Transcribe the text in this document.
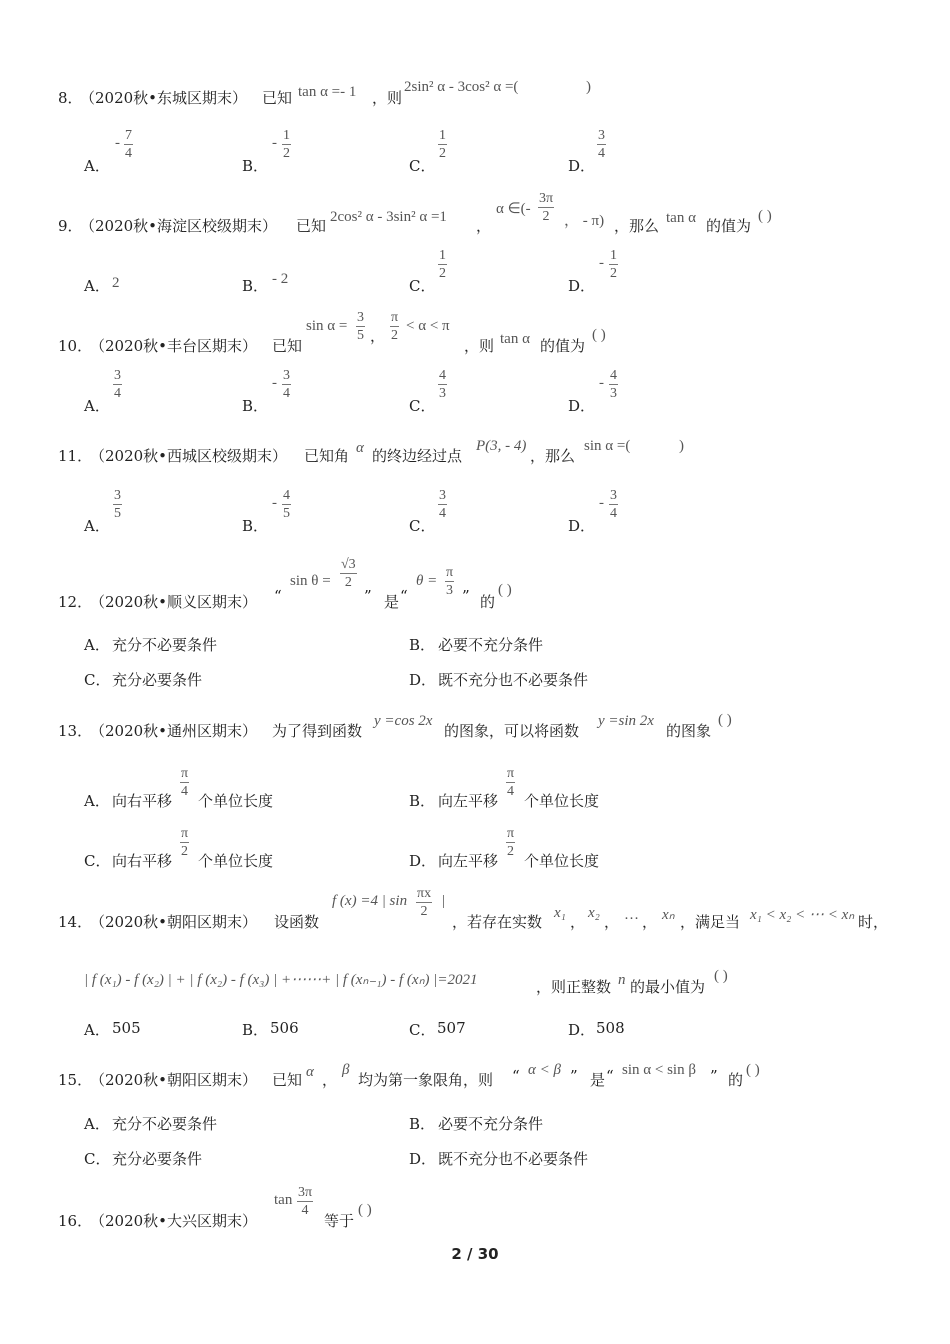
8．
（2020秋•东城区期末） 已知 tan α =- 1 ，则
2sin² α - 3cos² α =(	)
A．
- $\frac{7}{4}$
B．
- $\frac{1}{2}$
C．
$\frac{1}{2}$
D．
$\frac{3}{4}$
9．
（2020秋•海淀区校级期末） 已知 2cos² α - 3sin² α =1 ，
α ∈(- $\frac{3\pi}{2}$ ， - π) ，那么 tan α 的值为
( )
A． 2	B． - 2	C．
$\frac{1}{2}$
D．
- $\frac{1}{2}$
10．
（2020秋•丰台区期末） 已知
$\sin \alpha = \frac{3}{5}$ ， $\frac{\pi}{2} < \alpha < \pi$
，则 tan α 的值为
( )
A．
$\frac{3}{4}$
B．
- $\frac{3}{4}$
C．
$\frac{4}{3}$
D．
- $\frac{4}{3}$
11．
（2020秋•西城区校级期末） 已知角 α 的终边经过点
P(3, - 4)
，那么
sin α =(	)
A．
$\frac{3}{5}$
B．
- $\frac{4}{5}$
C．
$\frac{3}{4}$
D．
- $\frac{3}{4}$
12．
（2020秋•顺义区期末） “
$\sin \theta = \frac{√3}{2}$
” 是 “
$\theta = \frac{\pi}{3}$ ” 的
( )
A． 充分不必要条件	B． 必要不充分条件
C． 充分必要条件	D． 既不充分也不必要条件
13．
（2020秋•通州区期末） 为了得到函数
y =cos 2x
的图象，可以将函数
y =sin 2x
的图象
( )
A． 向右平移
$\frac{\pi}{4}$
个单位长度	B． 向左平移
$\frac{\pi}{4}$
个单位长度
C． 向右平移
$\frac{\pi}{2}$
个单位长度	D． 向左平移
$\frac{\pi}{2}$
个单位长度
14．
（2020秋•朝阳区期末） 设函数
f (x) =4 | $\sin \frac{\pi x}{2}$ |
，若存在实数 x₁ ， x₂ ， … ， xₙ ，满足当 x₁ < x₂ < ⋯ < xₙ 时，
| f (x₁) - f (x₂) | + | f (x₂) - f (x₃) | +⋯⋯+ | f (xₙ₋₁) - f (xₙ) |=2021	，则正整数 n 的最小值为
( )
A． 505	B． 506	C． 507	D． 508
15．
（2020秋•朝阳区期末） 已知 α ，
β
均为第一象限角，则 “ α < β ” 是 “ sin α < sin β ” 的
( )
A． 充分不必要条件	B． 必要不充分条件
C． 充分必要条件	D． 既不充分也不必要条件
16．
（2020秋•大兴区期末）
$\tan \frac{3\pi}{4}$
等于
( )
2 / 30
